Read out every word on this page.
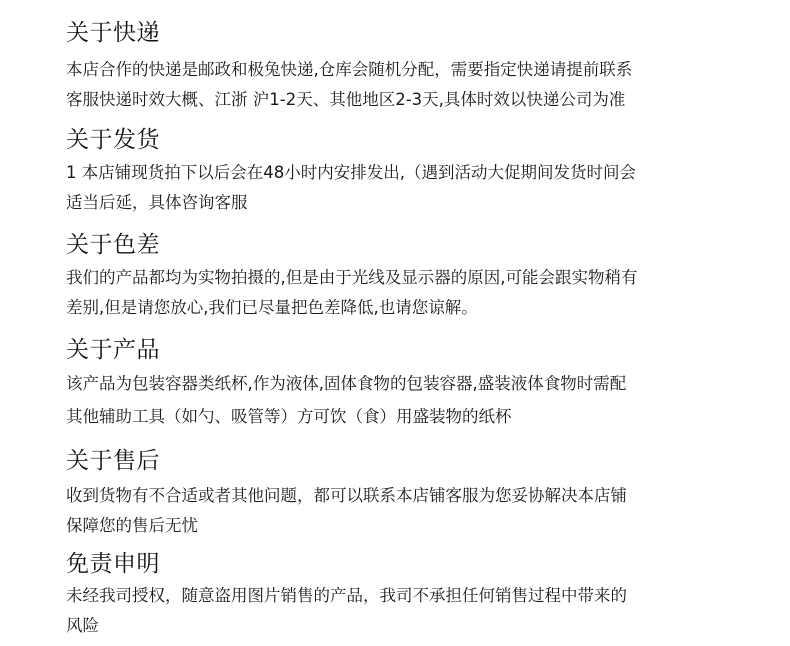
关于快递

本店合作的快递是邮政和极兔快递,仓库会随机分配，需要指定快递请提前联系
客服快递时效大概、江浙 沪1-2天、其他地区2-3天,具体时效以快递公司为准

关于发货

1 本店铺现货拍下以后会在48小时内安排发出,（遇到活动大促期间发货时间会
适当后延，具体咨询客服

关于色差

我们的产品都均为实物拍摄的,但是由于光线及显示器的原因,可能会跟实物稍有
差别,但是请您放心,我们已尽量把色差降低,也请您谅解。

关于产品

该产品为包装容器类纸杯,作为液体,固体食物的包装容器,盛装液体食物时需配
其他辅助工具（如勺、吸管等）方可饮（食）用盛装物的纸杯

关于售后

收到货物有不合适或者其他问题，都可以联系本店铺客服为您妥协解决本店铺
保障您的售后无忧

免责申明

未经我司授权，随意盗用图片销售的产品，我司不承担任何销售过程中带来的
风险
